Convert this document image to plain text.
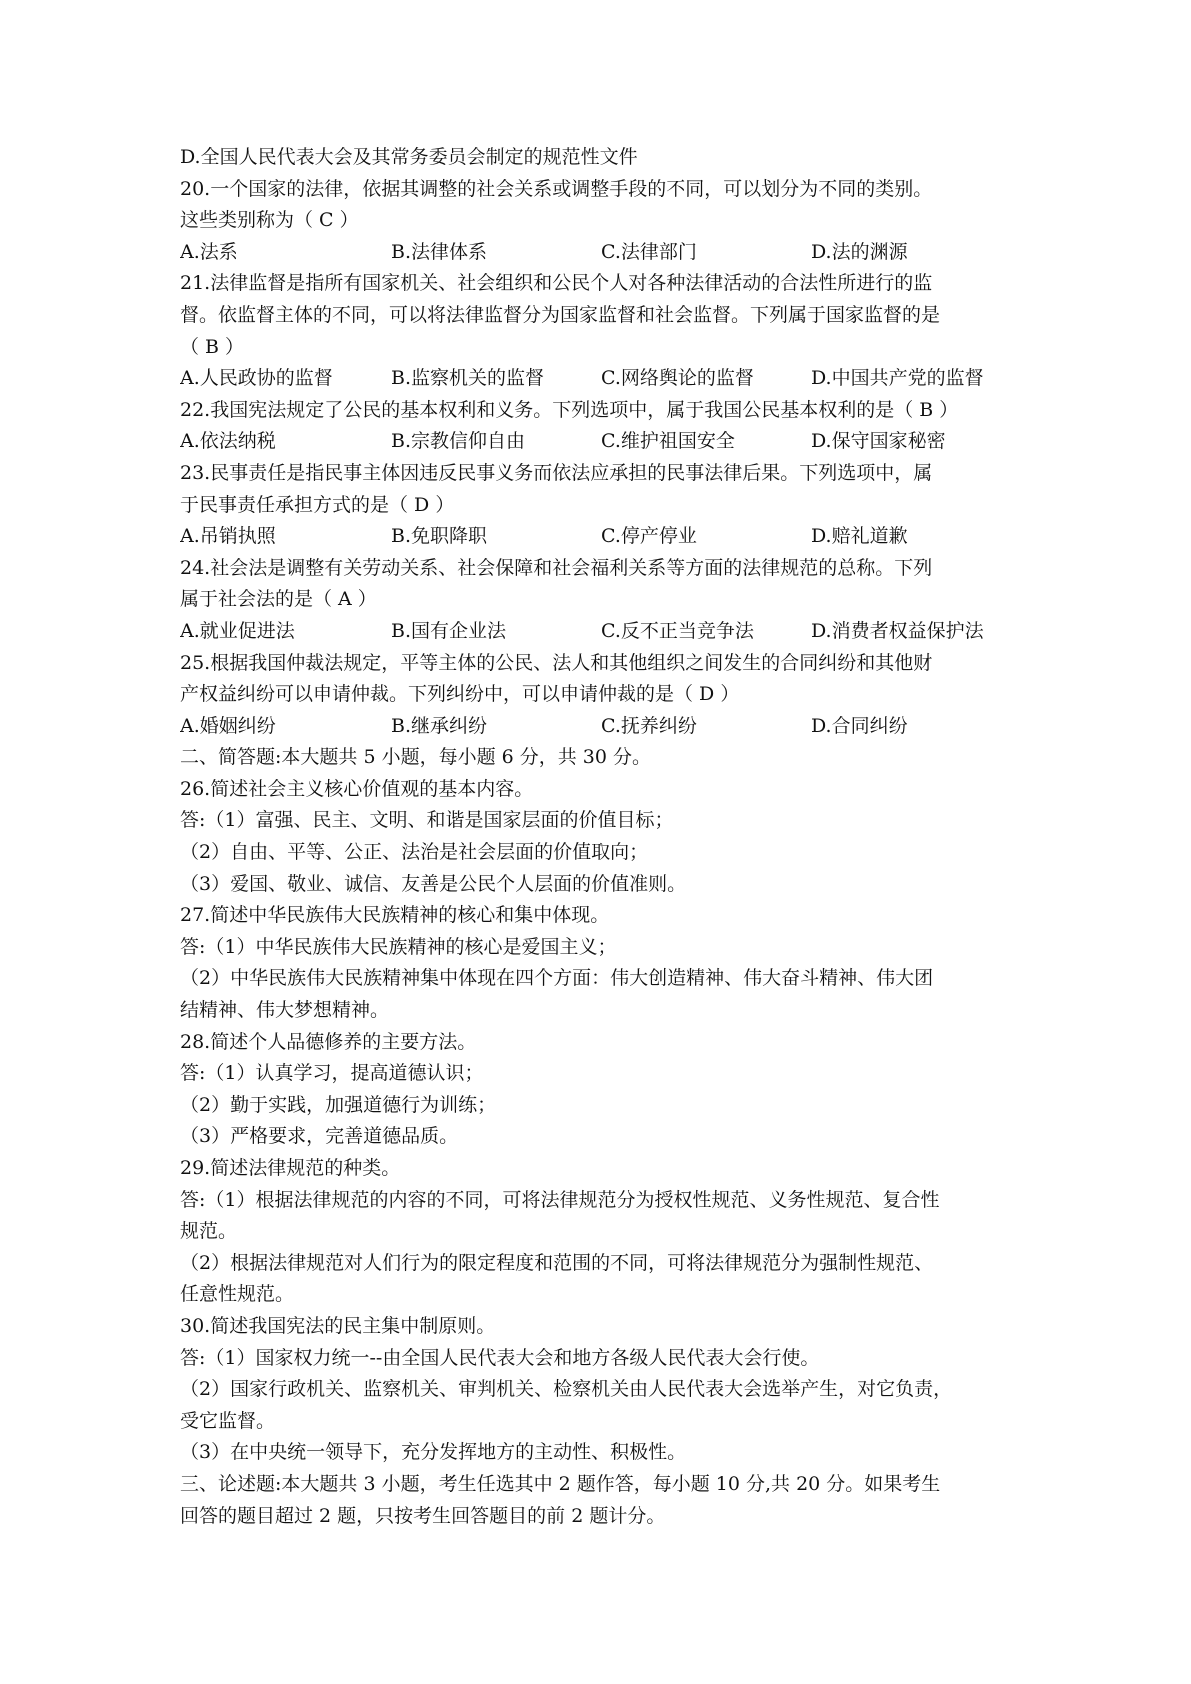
D.全国人民代表大会及其常务委员会制定的规范性文件
20.一个国家的法律，依据其调整的社会关系或调整手段的不同，可以划分为不同的类别。
这些类别称为（ C ）
A.法系	B.法律体系	C.法律部门	D.法的渊源
21.法律监督是指所有国家机关、社会组织和公民个人对各种法律活动的合法性所进行的监
督。依监督主体的不同，可以将法律监督分为国家监督和社会监督。下列属于国家监督的是
（ B ）
A.人民政协的监督	B.监察机关的监督	C.网络舆论的监督	D.中国共产党的监督
22.我国宪法规定了公民的基本权利和义务。下列选项中，属于我国公民基本权利的是（ B ）
A.依法纳税	B.宗教信仰自由	C.维护祖国安全	D.保守国家秘密
23.民事责任是指民事主体因违反民事义务而依法应承担的民事法律后果。下列选项中，属
于民事责任承担方式的是（ D ）
A.吊销执照	B.免职降职	C.停产停业	D.赔礼道歉
24.社会法是调整有关劳动关系、社会保障和社会福利关系等方面的法律规范的总称。下列
属于社会法的是（ A ）
A.就业促进法	B.国有企业法	C.反不正当竞争法	D.消费者权益保护法
25.根据我国仲裁法规定，平等主体的公民、法人和其他组织之间发生的合同纠纷和其他财
产权益纠纷可以申请仲裁。下列纠纷中，可以申请仲裁的是（ D ）
A.婚姻纠纷	B.继承纠纷	C.抚养纠纷	D.合同纠纷
二、简答题:本大题共 5 小题，每小题 6 分，共 30 分。
26.简述社会主义核心价值观的基本内容。
答:（1）富强、民主、文明、和谐是国家层面的价值目标；
（2）自由、平等、公正、法治是社会层面的价值取向；
（3）爱国、敬业、诚信、友善是公民个人层面的价值准则。
27.简述中华民族伟大民族精神的核心和集中体现。
答:（1）中华民族伟大民族精神的核心是爱国主义；
（2）中华民族伟大民族精神集中体现在四个方面：伟大创造精神、伟大奋斗精神、伟大团
结精神、伟大梦想精神。
28.简述个人品德修养的主要方法。
答:（1）认真学习，提高道德认识；
（2）勤于实践，加强道德行为训练；
（3）严格要求，完善道德品质。
29.简述法律规范的种类。
答:（1）根据法律规范的内容的不同，可将法律规范分为授权性规范、义务性规范、复合性
规范。
（2）根据法律规范对人们行为的限定程度和范围的不同，可将法律规范分为强制性规范、
任意性规范。
30.简述我国宪法的民主集中制原则。
答:（1）国家权力统一--由全国人民代表大会和地方各级人民代表大会行使。
（2）国家行政机关、监察机关、审判机关、检察机关由人民代表大会选举产生，对它负责，
受它监督。
（3）在中央统一领导下，充分发挥地方的主动性、积极性。
三、论述题:本大题共 3 小题，考生任选其中 2 题作答，每小题 10 分,共 20 分。如果考生
回答的题目超过 2 题，只按考生回答题目的前 2 题计分。
